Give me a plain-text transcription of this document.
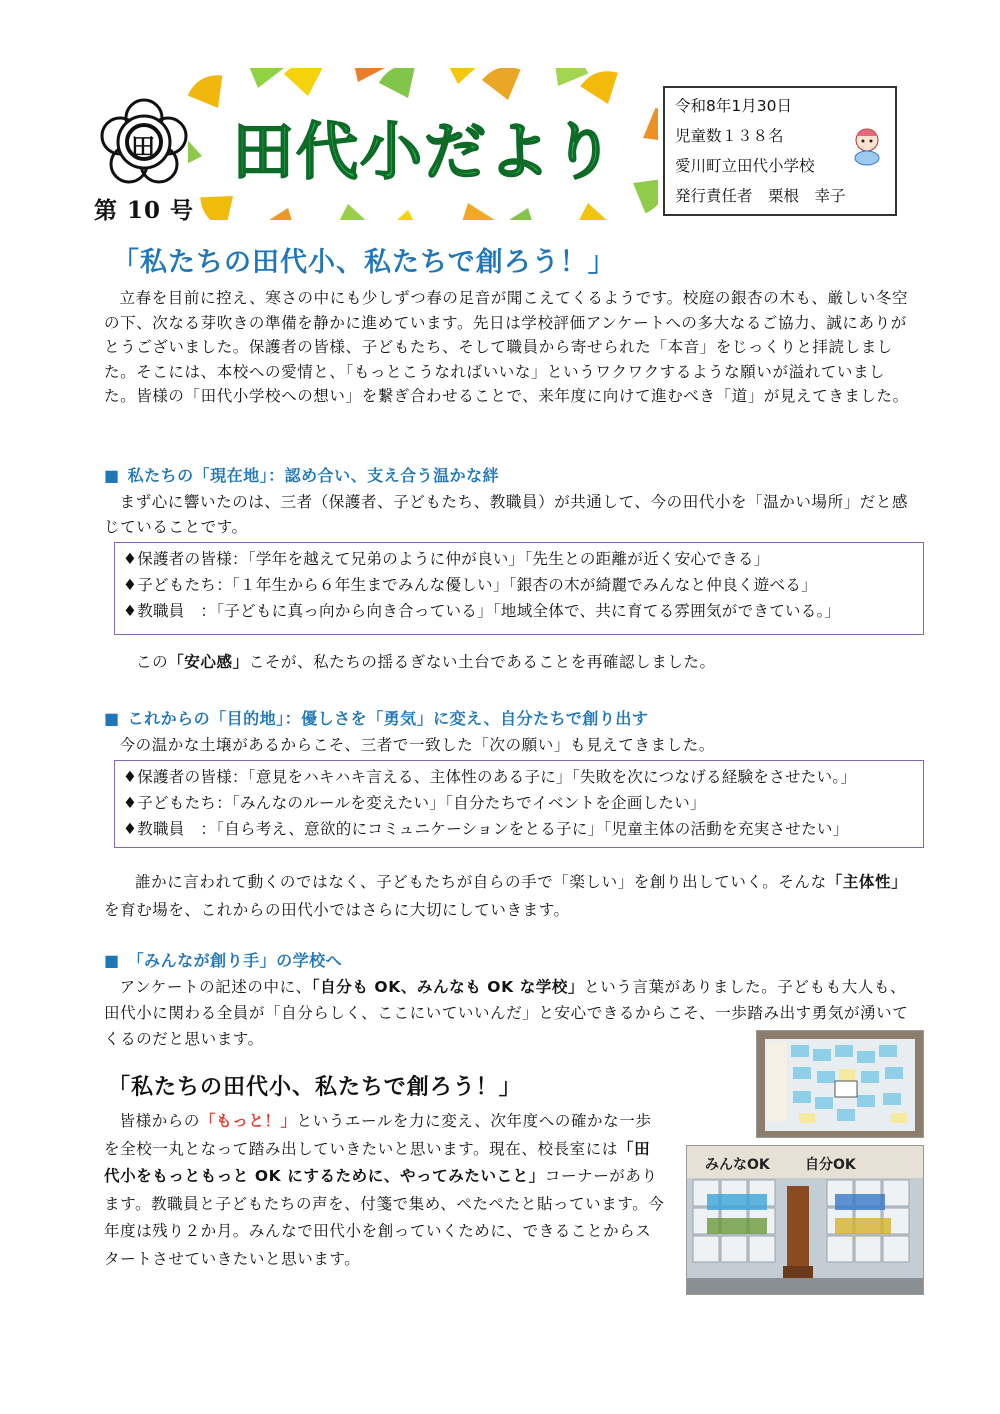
田 田代小だより
第 10 号
令和8年1月30日
児童数１３８名
愛川町立田代小学校
発行責任者　栗根　幸子
「私たちの田代小、私たちで創ろう！」

立春を目前に控え、寒さの中にも少しずつ春の足音が聞こえてくるようです。校庭の銀杏の木も、厳しい冬空の下、次なる芽吹きの準備を静かに進めています。先日は学校評価アンケートへの多大なるご協力、誠にありがとうございました。保護者の皆様、子どもたち、そして職員から寄せられた「本音」をじっくりと拝読しました。そこには、本校への愛情と、「もっとこうなればいいな」というワクワクするような願いが溢れていました。皆様の「田代小学校への想い」を繋ぎ合わせることで、来年度に向けて進むべき「道」が見えてきました。

■ 私たちの「現在地」：認め合い、支え合う温かな絆

まず心に響いたのは、三者（保護者、子どもたち、教職員）が共通して、今の田代小を「温かい場所」だと感じていることです。

♦保護者の皆様：「学年を越えて兄弟のように仲が良い」「先生との距離が近く安心できる」
♦子どもたち：「１年生から６年生までみんな優しい」「銀杏の木が綺麗でみんなと仲良く遊べる」
♦教職員　：「子どもに真っ向から向き合っている」「地域全体で、共に育てる雰囲気ができている。」

この「安心感」こそが、私たちの揺るぎない土台であることを再確認しました。

■ これからの「目的地」：優しさを「勇気」に変え、自分たちで創り出す

今の温かな土壌があるからこそ、三者で一致した「次の願い」も見えてきました。

♦保護者の皆様：「意見をハキハキ言える、主体性のある子に」「失敗を次につなげる経験をさせたい。」
♦子どもたち：「みんなのルールを変えたい」「自分たちでイベントを企画したい」
♦教職員　：「自ら考え、意欲的にコミュニケーションをとる子に」「児童主体の活動を充実させたい」

誰かに言われて動くのではなく、子どもたちが自らの手で「楽しい」を創り出していく。そんな「主体性」を育む場を、これからの田代小ではさらに大切にしていきます。

■ 「みんなが創り手」の学校へ

アンケートの記述の中に、「自分も OK、みんなも OK な学校」という言葉がありました。子どもも大人も、田代小に関わる全員が「自分らしく、ここにいていいんだ」と安心できるからこそ、一歩踏み出す勇気が湧いてくるのだと思います。

「私たちの田代小、私たちで創ろう！」

皆様からの「もっと！」というエールを力に変え、次年度への確かな一歩を全校一丸となって踏み出していきたいと思います。現在、校長室には「田代小をもっともっと OK にするために、やってみたいこと」コーナーがあります。教職員と子どもたちの声を、付箋で集め、ぺたぺたと貼っています。今年度は残り２か月。みんなで田代小を創っていくために、できることからスタートさせていきたいと思います。

みんなOK	自分OK
